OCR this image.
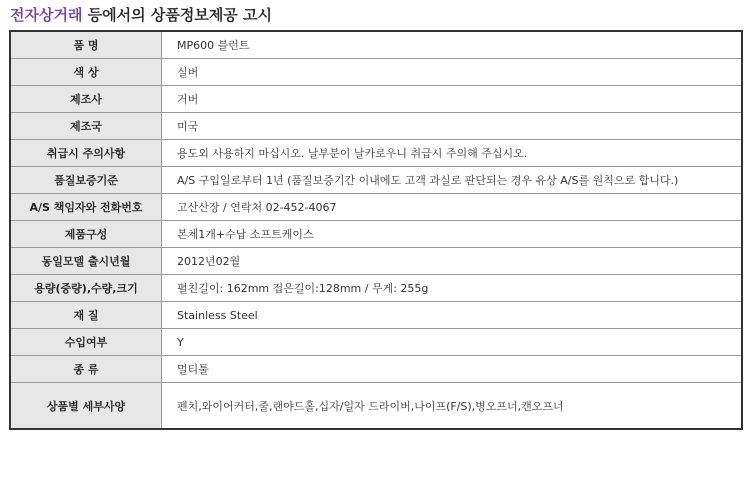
전자상거래 등에서의 상품정보제공 고시
품 명	MP600 블런트
색 상	실버
제조사	거버
제조국	미국
취급시 주의사항	용도외 사용하지 마십시오. 날부분이 날카로우니 취급시 주의해 주십시오.
품질보증기준	A/S 구입일로부터 1년 (품질보증기간 이내에도 고객 과실로 판단되는 경우 유상 A/S를 원칙으로 합니다.)
A/S 책임자와 전화번호	고산산장 / 연락처 02-452-4067
제품구성	본체1개+수납 소프트케이스
동일모델 출시년월	2012년02월
용량(중량),수량,크기	펼친길이: 162mm 접은길이:128mm / 무게: 255g
재 질	Stainless Steel
수입여부	Y
종 류	멀티툴
상품별 세부사양	펜치,와이어커터,줄,랜야드홀,십자/일자 드라이버,나이프(F/S),병오프너,캔오프너
